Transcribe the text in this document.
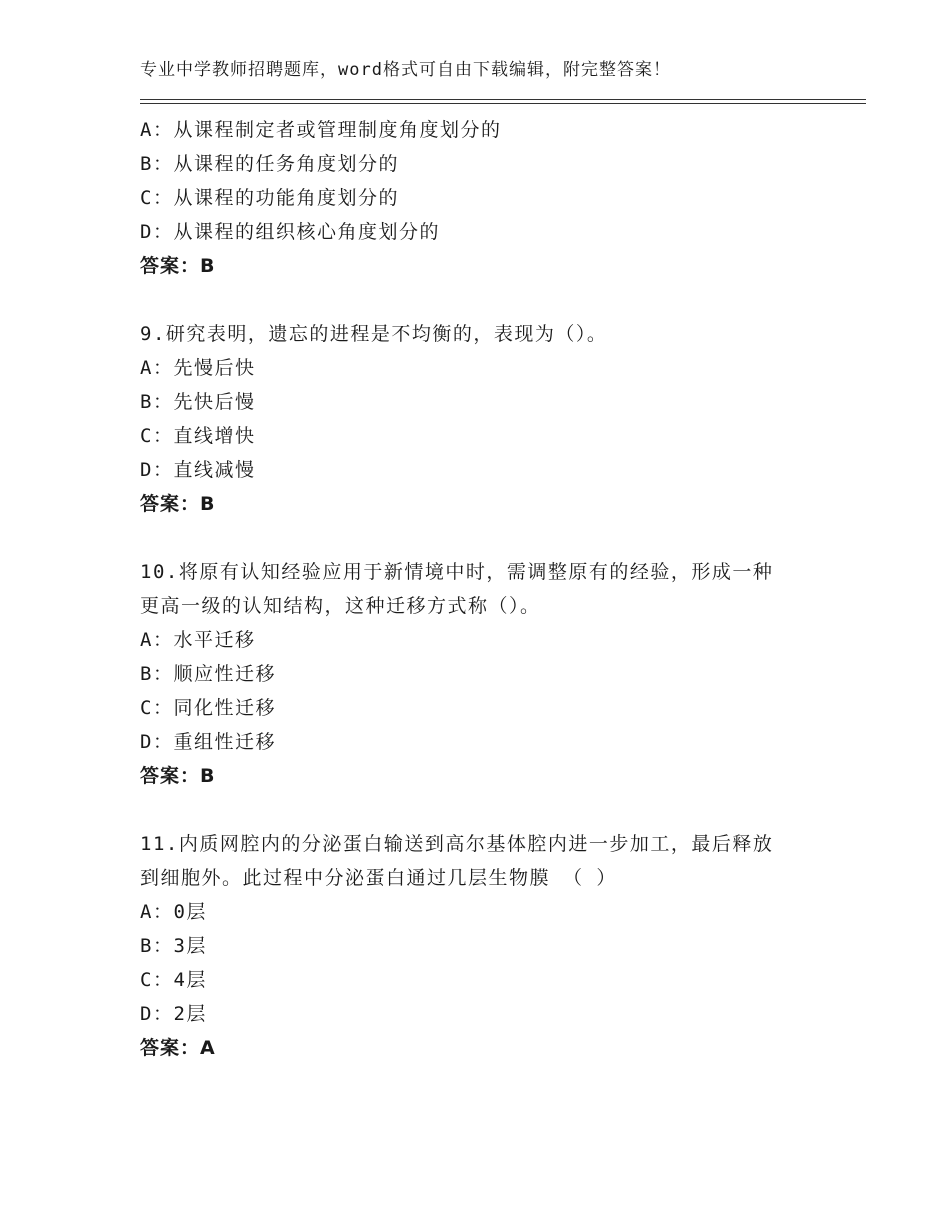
专业中学教师招聘题库，word格式可自由下载编辑，附完整答案！
A：从课程制定者或管理制度角度划分的
B：从课程的任务角度划分的
C：从课程的功能角度划分的
D：从课程的组织核心角度划分的
答案：B
9.研究表明，遗忘的进程是不均衡的，表现为（）。
A：先慢后快
B：先快后慢
C：直线增快
D：直线减慢
答案：B
10.将原有认知经验应用于新情境中时，需调整原有的经验，形成一种
更高一级的认知结构，这种迁移方式称（）。
A：水平迁移
B：顺应性迁移
C：同化性迁移
D：重组性迁移
答案：B
11.内质网腔内的分泌蛋白输送到高尔基体腔内进一步加工，最后释放
到细胞外。此过程中分泌蛋白通过几层生物膜 （ ）
A：0层
B：3层
C：4层
D：2层
答案：A
